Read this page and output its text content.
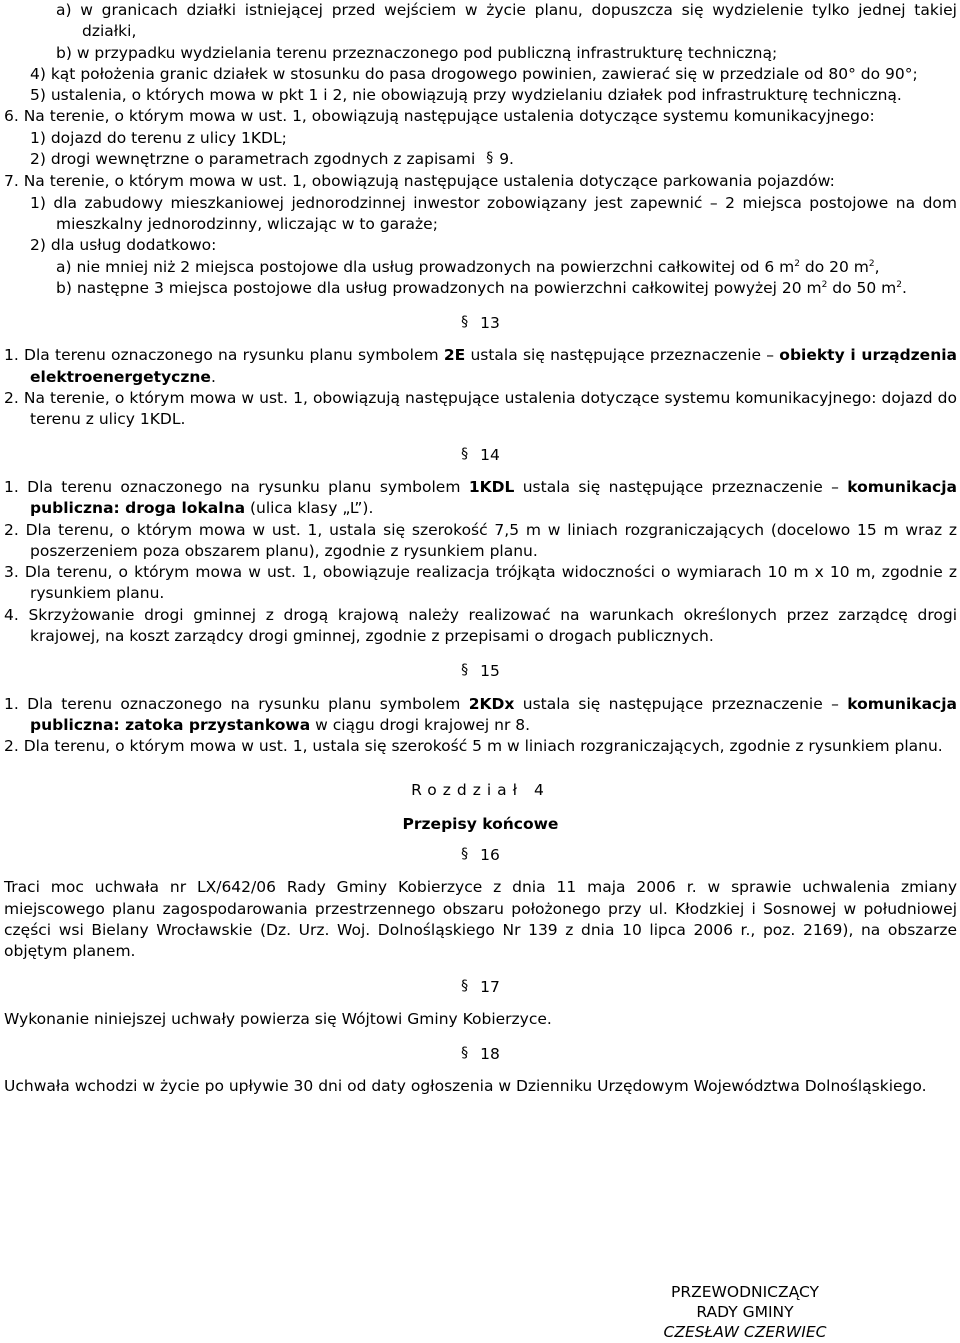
a) w granicach działki istniejącej przed wejściem w życie planu, dopuszcza się wydzielenie tylko jednej takiej działki,

b) w przypadku wydzielania terenu przeznaczonego pod publiczną infrastrukturę techniczną;

4) kąt położenia granic działek w stosunku do pasa drogowego powinien, zawierać się w przedziale od 80° do 90°;

5) ustalenia, o których mowa w pkt 1 i 2, nie obowiązują przy wydzielaniu działek pod infrastrukturę techniczną.

6. Na terenie, o którym mowa w ust. 1, obowiązują następujące ustalenia dotyczące systemu komunikacyjnego:

1) dojazd do terenu z ulicy 1KDL;

2) drogi wewnętrzne o parametrach zgodnych z zapisami § 9.

7. Na terenie, o którym mowa w ust. 1, obowiązują następujące ustalenia dotyczące parkowania pojazdów:

1) dla zabudowy mieszkaniowej jednorodzinnej inwestor zobowiązany jest zapewnić – 2 miejsca postojowe na dom mieszkalny jednorodzinny, wliczając w to garaże;

2) dla usług dodatkowo:

a) nie mniej niż 2 miejsca postojowe dla usług prowadzonych na powierzchni całkowitej od 6 $m^2$ do 20 $m^2$,

b) następne 3 miejsca postojowe dla usług prowadzonych na powierzchni całkowitej powyżej 20 $m^2$ do 50 $m^2$.

§ 13

1. Dla terenu oznaczonego na rysunku planu symbolem 2E ustala się następujące przeznaczenie – obiekty i urządzenia elektroenergetyczne.

2. Na terenie, o którym mowa w ust. 1, obowiązują następujące ustalenia dotyczące systemu komunikacyjnego: dojazd do terenu z ulicy 1KDL.

§ 14

1. Dla terenu oznaczonego na rysunku planu symbolem 1KDL ustala się następujące przeznaczenie – komunikacja publiczna: droga lokalna (ulica klasy „L”).

2. Dla terenu, o którym mowa w ust. 1, ustala się szerokość 7,5 m w liniach rozgraniczających (docelowo 15 m wraz z poszerzeniem poza obszarem planu), zgodnie z rysunkiem planu.

3. Dla terenu, o którym mowa w ust. 1, obowiązuje realizacja trójkąta widoczności o wymiarach 10 m x 10 m, zgodnie z rysunkiem planu.

4. Skrzyżowanie drogi gminnej z drogą krajową należy realizować na warunkach określonych przez zarządcę drogi krajowej, na koszt zarządcy drogi gminnej, zgodnie z przepisami o drogach publicznych.

§ 15

1. Dla terenu oznaczonego na rysunku planu symbolem 2KDx ustala się następujące przeznaczenie – komunikacja publiczna: zatoka przystankowa w ciągu drogi krajowej nr 8.

2. Dla terenu, o którym mowa w ust. 1, ustala się szerokość 5 m w liniach rozgraniczających, zgodnie z rysunkiem planu.

Rozdział 4
Przepisy końcowe
§ 16

Traci moc uchwała nr LX/642/06 Rady Gminy Kobierzyce z dnia 11 maja 2006 r. w sprawie uchwalenia zmiany miejscowego planu zagospodarowania przestrzennego obszaru położonego przy ul. Kłodzkiej i Sosnowej w południowej części wsi Bielany Wrocławskie (Dz. Urz. Woj. Dolnośląskiego Nr 139 z dnia 10 lipca 2006 r., poz. 2169), na obszarze objętym planem.

§ 17

Wykonanie niniejszej uchwały powierza się Wójtowi Gminy Kobierzyce.

§ 18

Uchwała wchodzi w życie po upływie 30 dni od daty ogłoszenia w Dzienniku Urzędowym Województwa Dolnośląskiego.

PRZEWODNICZĄCY
RADY GMINY
CZESŁAW CZERWIEC
